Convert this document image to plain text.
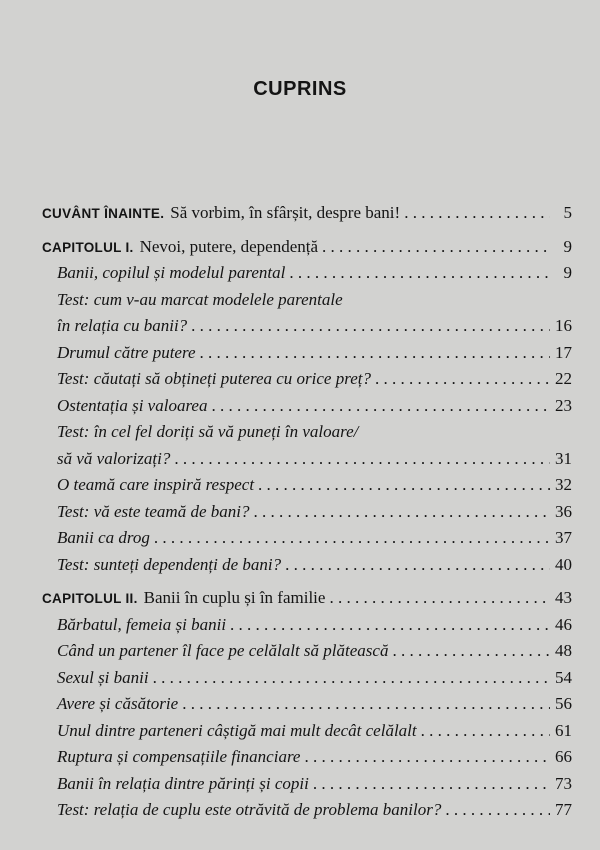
CUPRINS
CUVÂNT ÎNAINTE. Să vorbim, în sfârșit, despre bani! . . .	5
CAPITOLUL I. Nevoi, putere, dependență . . .	9
Banii, copilul și modelul parental . . .	9
Test: cum v-au marcat modelele parentale
în relația cu banii? . . .	16
Drumul către putere . . .	17
Test: căutați să obțineți puterea cu orice preț? . . .	22
Ostentația și valoarea . . .	23
Test: în cel fel doriți să vă puneți în valoare/
să vă valorizați? . . .	31
O teamă care inspiră respect . . .	32
Test: vă este teamă de bani? . . .	36
Banii ca drog . . .	37
Test: sunteți dependenți de bani? . . .	40
CAPITOLUL II. Banii în cuplu și în familie . . .	43
Bărbatul, femeia și banii . . .	46
Când un partener îl face pe celălalt să plătească . . .	48
Sexul și banii . . .	54
Avere și căsătorie . . .	56
Unul dintre parteneri câștigă mai mult decât celălalt . . .	61
Ruptura și compensațiile financiare . . .	66
Banii în relația dintre părinți și copii . . .	73
Test: relația de cuplu este otrăvită de problema banilor? . . .	77
